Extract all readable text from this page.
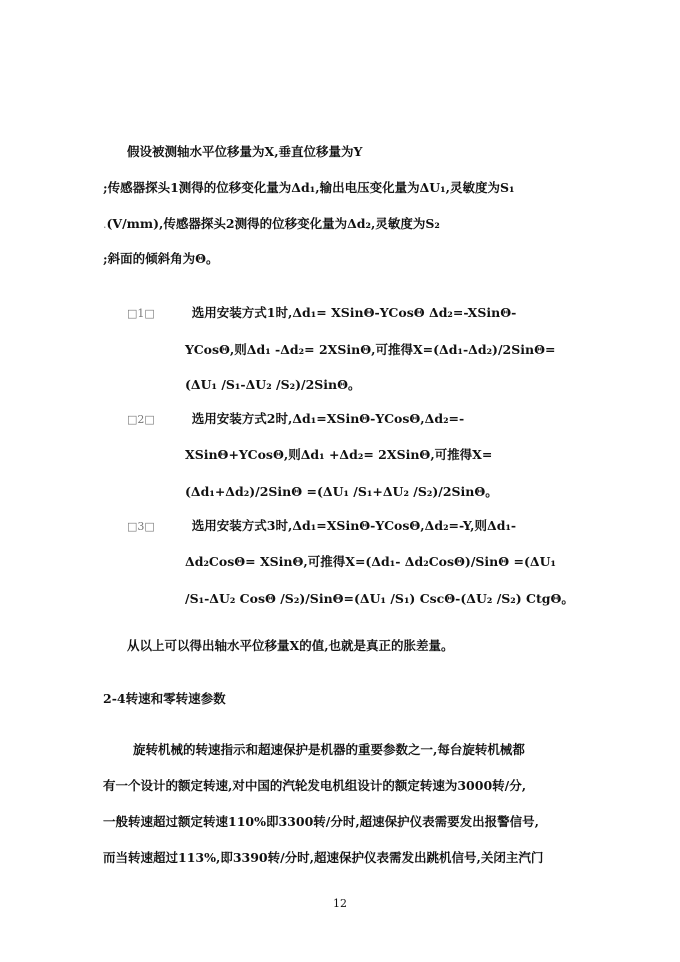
假设被测轴水平位移量为X,垂直位移量为Y
;传感器探头1测得的位移变化量为Δd₁,输出电压变化量为ΔU₁,灵敏度为S₁
.(V/mm),传感器探头2测得的位移变化量为Δd₂,灵敏度为S₂
;斜面的倾斜角为Θ。
□1□	选用安装方式1时,Δd₁= XSinΘ-YCosΘ Δd₂=-XSinΘ-
YCosΘ,则Δd₁ -Δd₂= 2XSinΘ,可推得X=(Δd₁-Δd₂)/2SinΘ=
(ΔU₁ /S₁-ΔU₂ /S₂)/2SinΘ。
□2□	选用安装方式2时,Δd₁=XSinΘ-YCosΘ,Δd₂=-
XSinΘ+YCosΘ,则Δd₁ +Δd₂= 2XSinΘ,可推得X=
(Δd₁+Δd₂)/2SinΘ =(ΔU₁ /S₁+ΔU₂ /S₂)/2SinΘ。
□3□	选用安装方式3时,Δd₁=XSinΘ-YCosΘ,Δd₂=-Y,则Δd₁-
Δd₂CosΘ= XSinΘ,可推得X=(Δd₁- Δd₂CosΘ)/SinΘ =(ΔU₁
/S₁-ΔU₂ CosΘ /S₂)/SinΘ=(ΔU₁ /S₁) CscΘ-(ΔU₂ /S₂) CtgΘ。
从以上可以得出轴水平位移量X的值,也就是真正的胀差量。
2-4转速和零转速参数
旋转机械的转速指示和超速保护是机器的重要参数之一,每台旋转机械都
有一个设计的额定转速,对中国的汽轮发电机组设计的额定转速为3000转/分,
一般转速超过额定转速110%即3300转/分时,超速保护仪表需要发出报警信号,
而当转速超过113%,即3390转/分时,超速保护仪表需发出跳机信号,关闭主汽门
12
